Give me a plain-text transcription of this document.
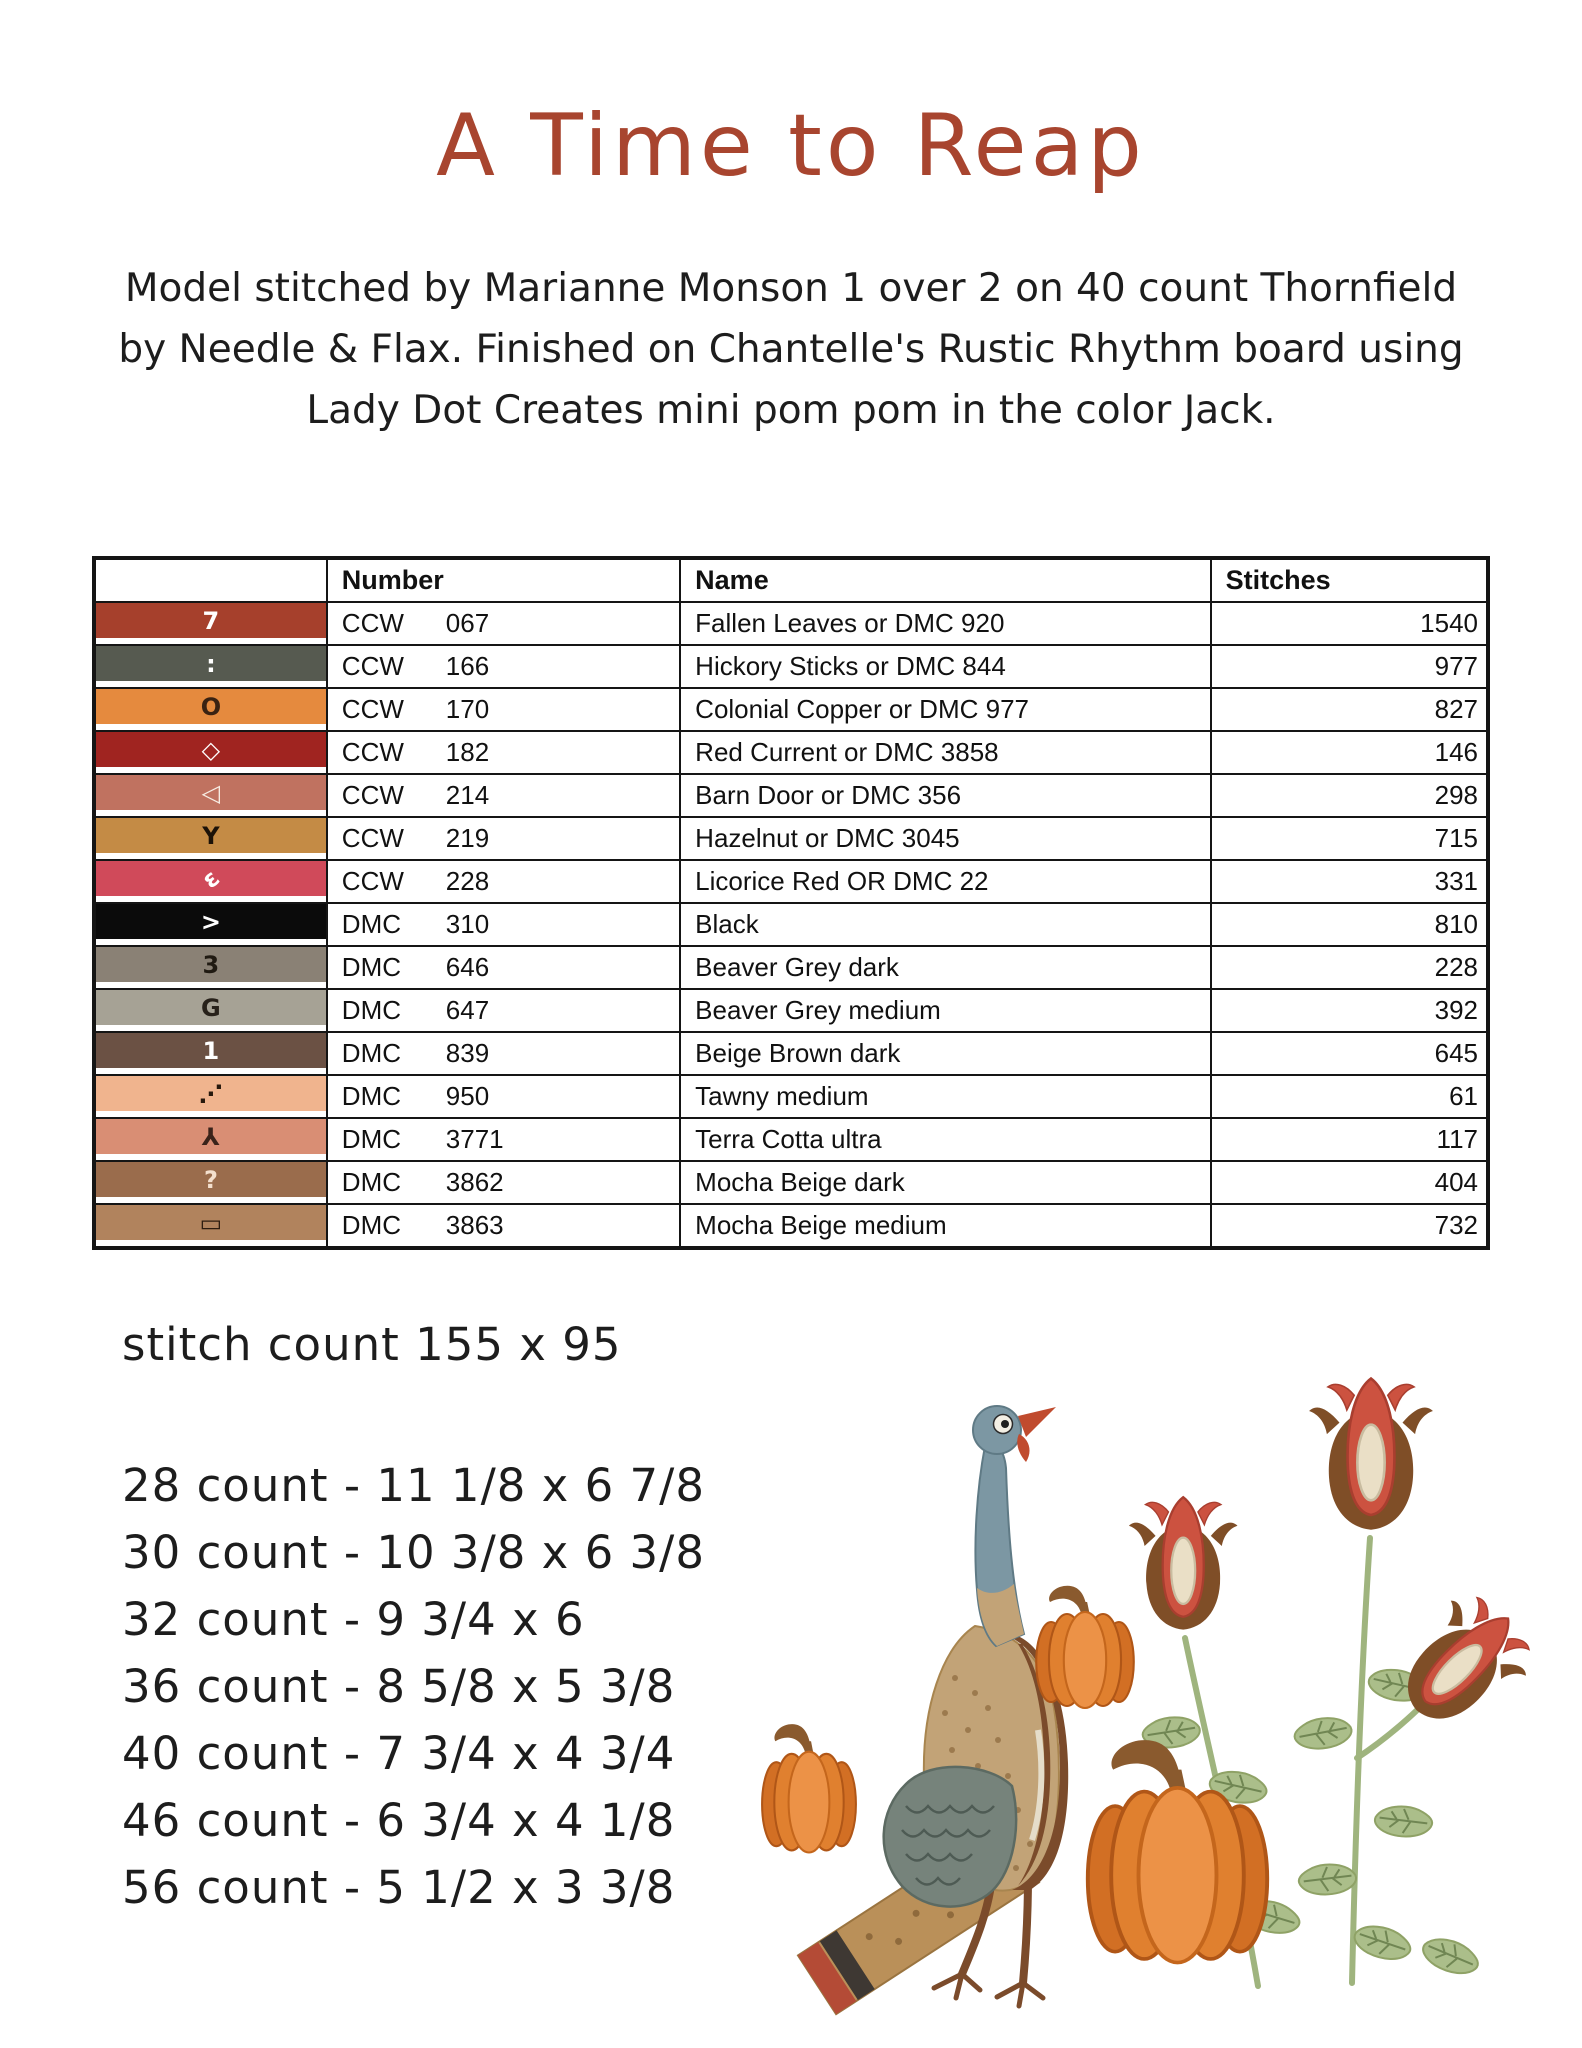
A Time to Reap
Model stitched by Marianne Monson 1 over 2 on 40 count Thornfield
by Needle & Flax. Finished on Chantelle's Rustic Rhythm board using
Lady Dot Creates mini pom pom in the color Jack.
	Number	Name	Stitches

7	CCW 067	Fallen Leaves or DMC 920	1540

:	CCW 166	Hickory Sticks or DMC 844	977

O	CCW 170	Colonial Copper or DMC 977	827

◇	CCW 182	Red Current or DMC 3858	146

◁	CCW 214	Barn Door or DMC 356	298

Y	CCW 219	Hazelnut or DMC 3045	715

ε	CCW 228	Licorice Red OR DMC 22	331

>	DMC 310	Black	810

3	DMC 646	Beaver Grey dark	228

G	DMC 647	Beaver Grey medium	392

1	DMC 839	Beige Brown dark	645

⋰	DMC 950	Tawny medium	61

⅄	DMC 3771	Terra Cotta ultra	117

?	DMC 3862	Mocha Beige dark	404

▭	DMC 3863	Mocha Beige medium	732
stitch count 155 x 95
28 count - 11 1/8 x 6 7/8
30 count - 10 3/8 x 6 3/8
32 count - 9 3/4 x 6
36 count - 8 5/8 x 5 3/8
40 count - 7 3/4 x 4 3/4
46 count - 6 3/4 x 4 1/8
56 count - 5 1/2 x 3 3/8
